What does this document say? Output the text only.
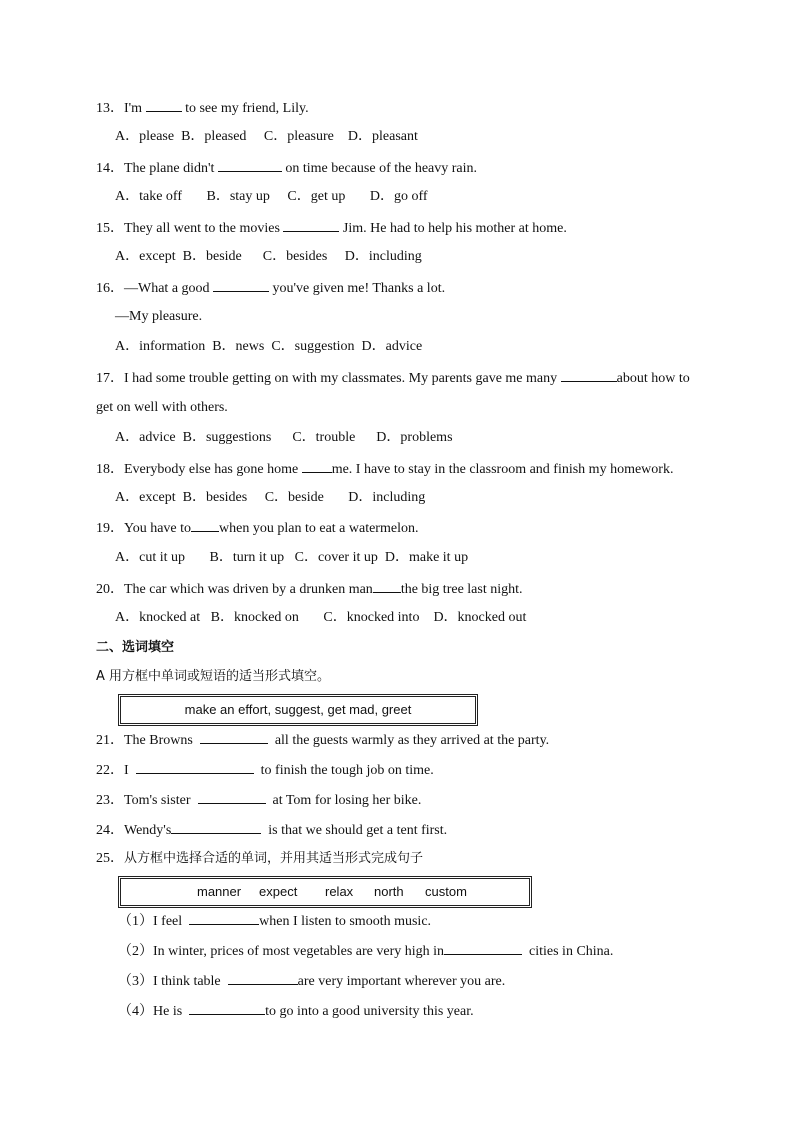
13．I'm	to see my friend, Lily.
A．please  B．pleased     C．pleasure    D．pleasant
14．The plane didn't	on time because of the heavy rain.
A．take off       B．stay up     C．get up       D．go off
15．They all went to the movies	Jim. He had to help his mother at home.
A．except  B．beside      C．besides     D．including
16．—What a good	you've given me! Thanks a lot.
—My pleasure.
A．information  B．news  C．suggestion  D．advice
17．I had some trouble getting on with my classmates. My parents gave me many	about how to
get on well with others.
A．advice  B．suggestions      C．trouble      D．problems
18．Everybody else has gone home me. I have to stay in the classroom and finish my homework.
A．except  B．besides     C．beside       D．including
19．You have to when you plan to eat a watermelon.
A．cut it up       B．turn it up   C．cover it up  D．make it up
20．The car which was driven by a drunken man the big tree last night.
A．knocked at   B．knocked on       C．knocked into    D．knocked out
二、选词填空
A 用方框中单词或短语的适当形式填空。
make an effort, suggest, get mad, greet
21．The Browns	all the guests warmly as they arrived at the party.
22．I	to finish the tough job on time.
23．Tom's sister	at Tom for losing her bike.
24．Wendy's	is that we should get a tent first.
25．从方框中选择合适的单词，并用其适当形式完成句子
manner expect relax north custom
（1）I feel	when I listen to smooth music.
（2）In winter, prices of most vegetables are very high in	cities in China.
（3）I think table	are very important wherever you are.
（4）He is	to go into a good university this year.
